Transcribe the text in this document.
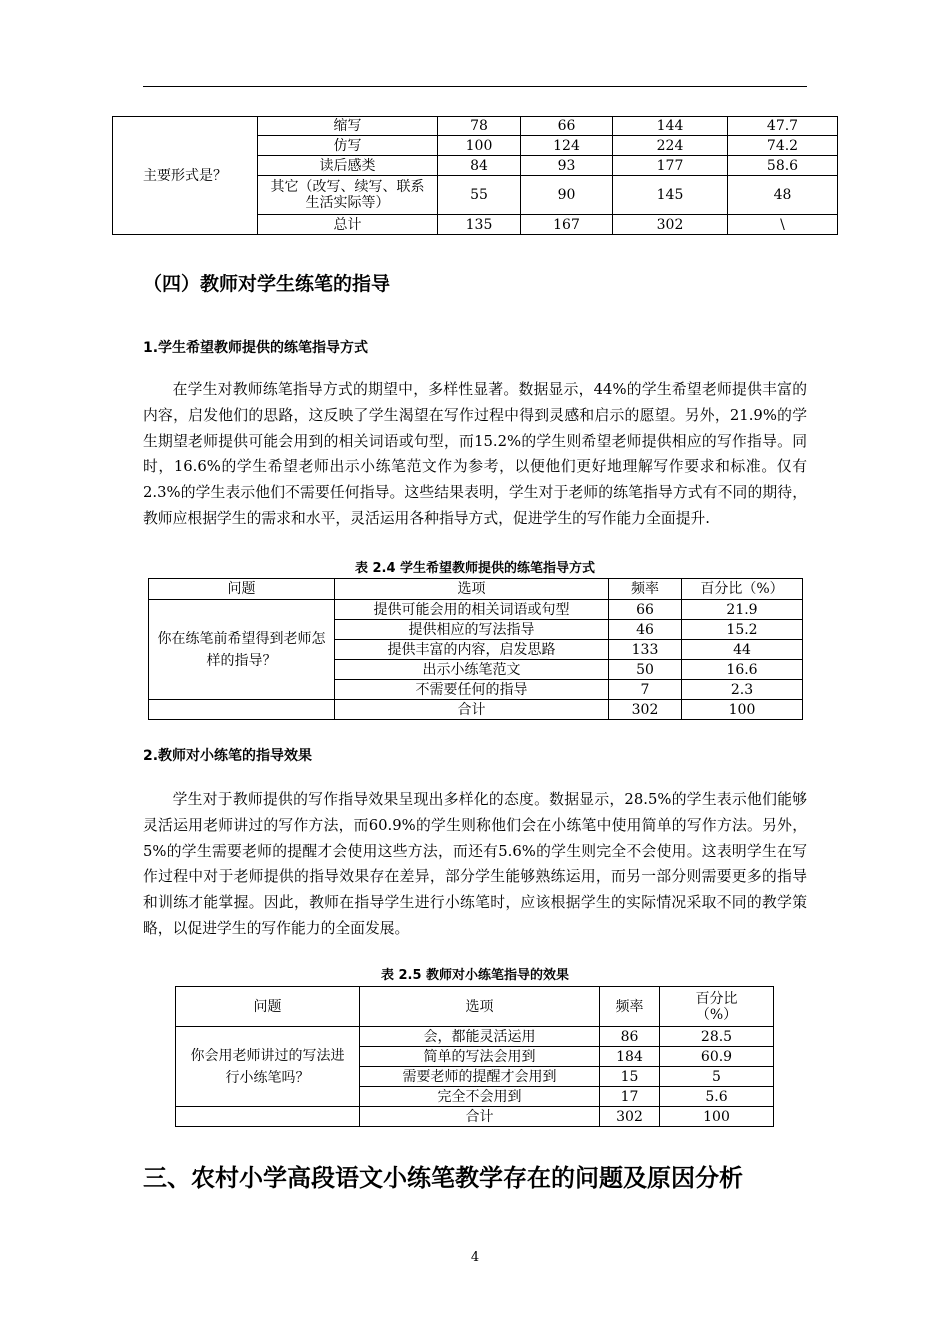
主要形式是？	缩写	78	66	144	47.7
	仿写	100	124	224	74.2
	读后感类	84	93	177	58.6
	其它（改写、续写、联系生活实际等）	55	90	145	48
	总计	135	167	302	\
（四）教师对学生练笔的指导
1.学生希望教师提供的练笔指导方式

在学生对教师练笔指导方式的期望中，多样性显著。数据显示，44%的学生希望老师提供丰富的内容，启发他们的思路，这反映了学生渴望在写作过程中得到灵感和启示的愿望。另外，21.9%的学生期望老师提供可能会用到的相关词语或句型，而15.2%的学生则希望老师提供相应的写作指导。同时，16.6%的学生希望老师出示小练笔范文作为参考，以便他们更好地理解写作要求和标准。仅有2.3%的学生表示他们不需要任何指导。这些结果表明，学生对于老师的练笔指导方式有不同的期待，教师应根据学生的需求和水平，灵活运用各种指导方式，促进学生的写作能力全面提升.

表 2.4 学生希望教师提供的练笔指导方式

问题	选项	频率	百分比（%）
你在练笔前希望得到老师怎样的指导？	提供可能会用的相关词语或句型	66	21.9
	提供相应的写法指导	46	15.2
	提供丰富的内容，启发思路	133	44
	出示小练笔范文	50	16.6
	不需要任何的指导	7	2.3
	合计	302	100
2.教师对小练笔的指导效果

学生对于教师提供的写作指导效果呈现出多样化的态度。数据显示，28.5%的学生表示他们能够灵活运用老师讲过的写作方法，而60.9%的学生则称他们会在小练笔中使用简单的写作方法。另外，5%的学生需要老师的提醒才会使用这些方法，而还有5.6%的学生则完全不会使用。这表明学生在写作过程中对于老师提供的指导效果存在差异，部分学生能够熟练运用，而另一部分则需要更多的指导和训练才能掌握。因此，教师在指导学生进行小练笔时，应该根据学生的实际情况采取不同的教学策略，以促进学生的写作能力的全面发展。

表 2.5 教师对小练笔指导的效果

问题	选项	频率	百分比（%）
你会用老师讲过的写法进行小练笔吗？	会，都能灵活运用	86	28.5
	简单的写法会用到	184	60.9
	需要老师的提醒才会用到	15	5
	完全不会用到	17	5.6
	合计	302	100
三、农村小学高段语文小练笔教学存在的问题及原因分析
4
